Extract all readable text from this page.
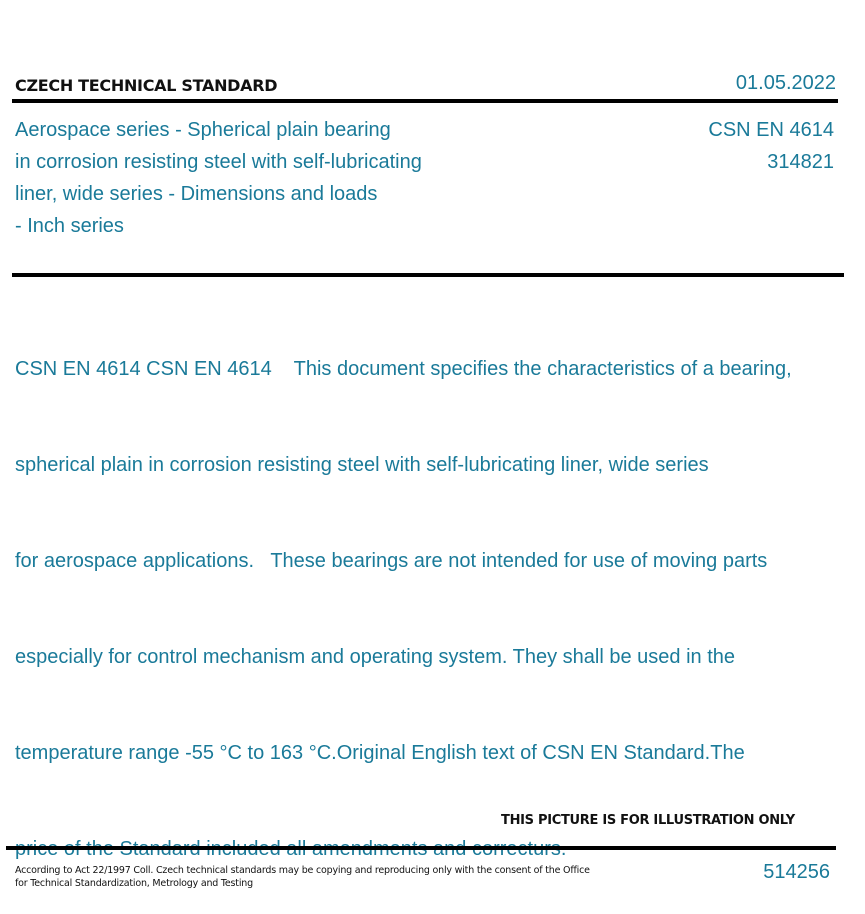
CZECH TECHNICAL STANDARD	01.05.2022
Aerospace series - Spherical plain bearing
in corrosion resisting steel with self-lubricating
liner, wide series - Dimensions and loads
- Inch series
CSN EN 4614
314821

CSN EN 4614 CSN EN 4614    This document specifies the characteristics of a bearing,

spherical plain in corrosion resisting steel with self-lubricating liner, wide series

for aerospace applications.   These bearings are not intended for use of moving parts

especially for control mechanism and operating system. They shall be used in the

temperature range -55 °C to 163 °C.Original English text of CSN EN Standard.The

THIS PICTURE IS FOR ILLUSTRATION ONLY
According to Act 22/1997 Coll. Czech technical standards may be copying and reproducing only with the consent of the Office
for Technical Standardization, Metrology and Testing
514256
